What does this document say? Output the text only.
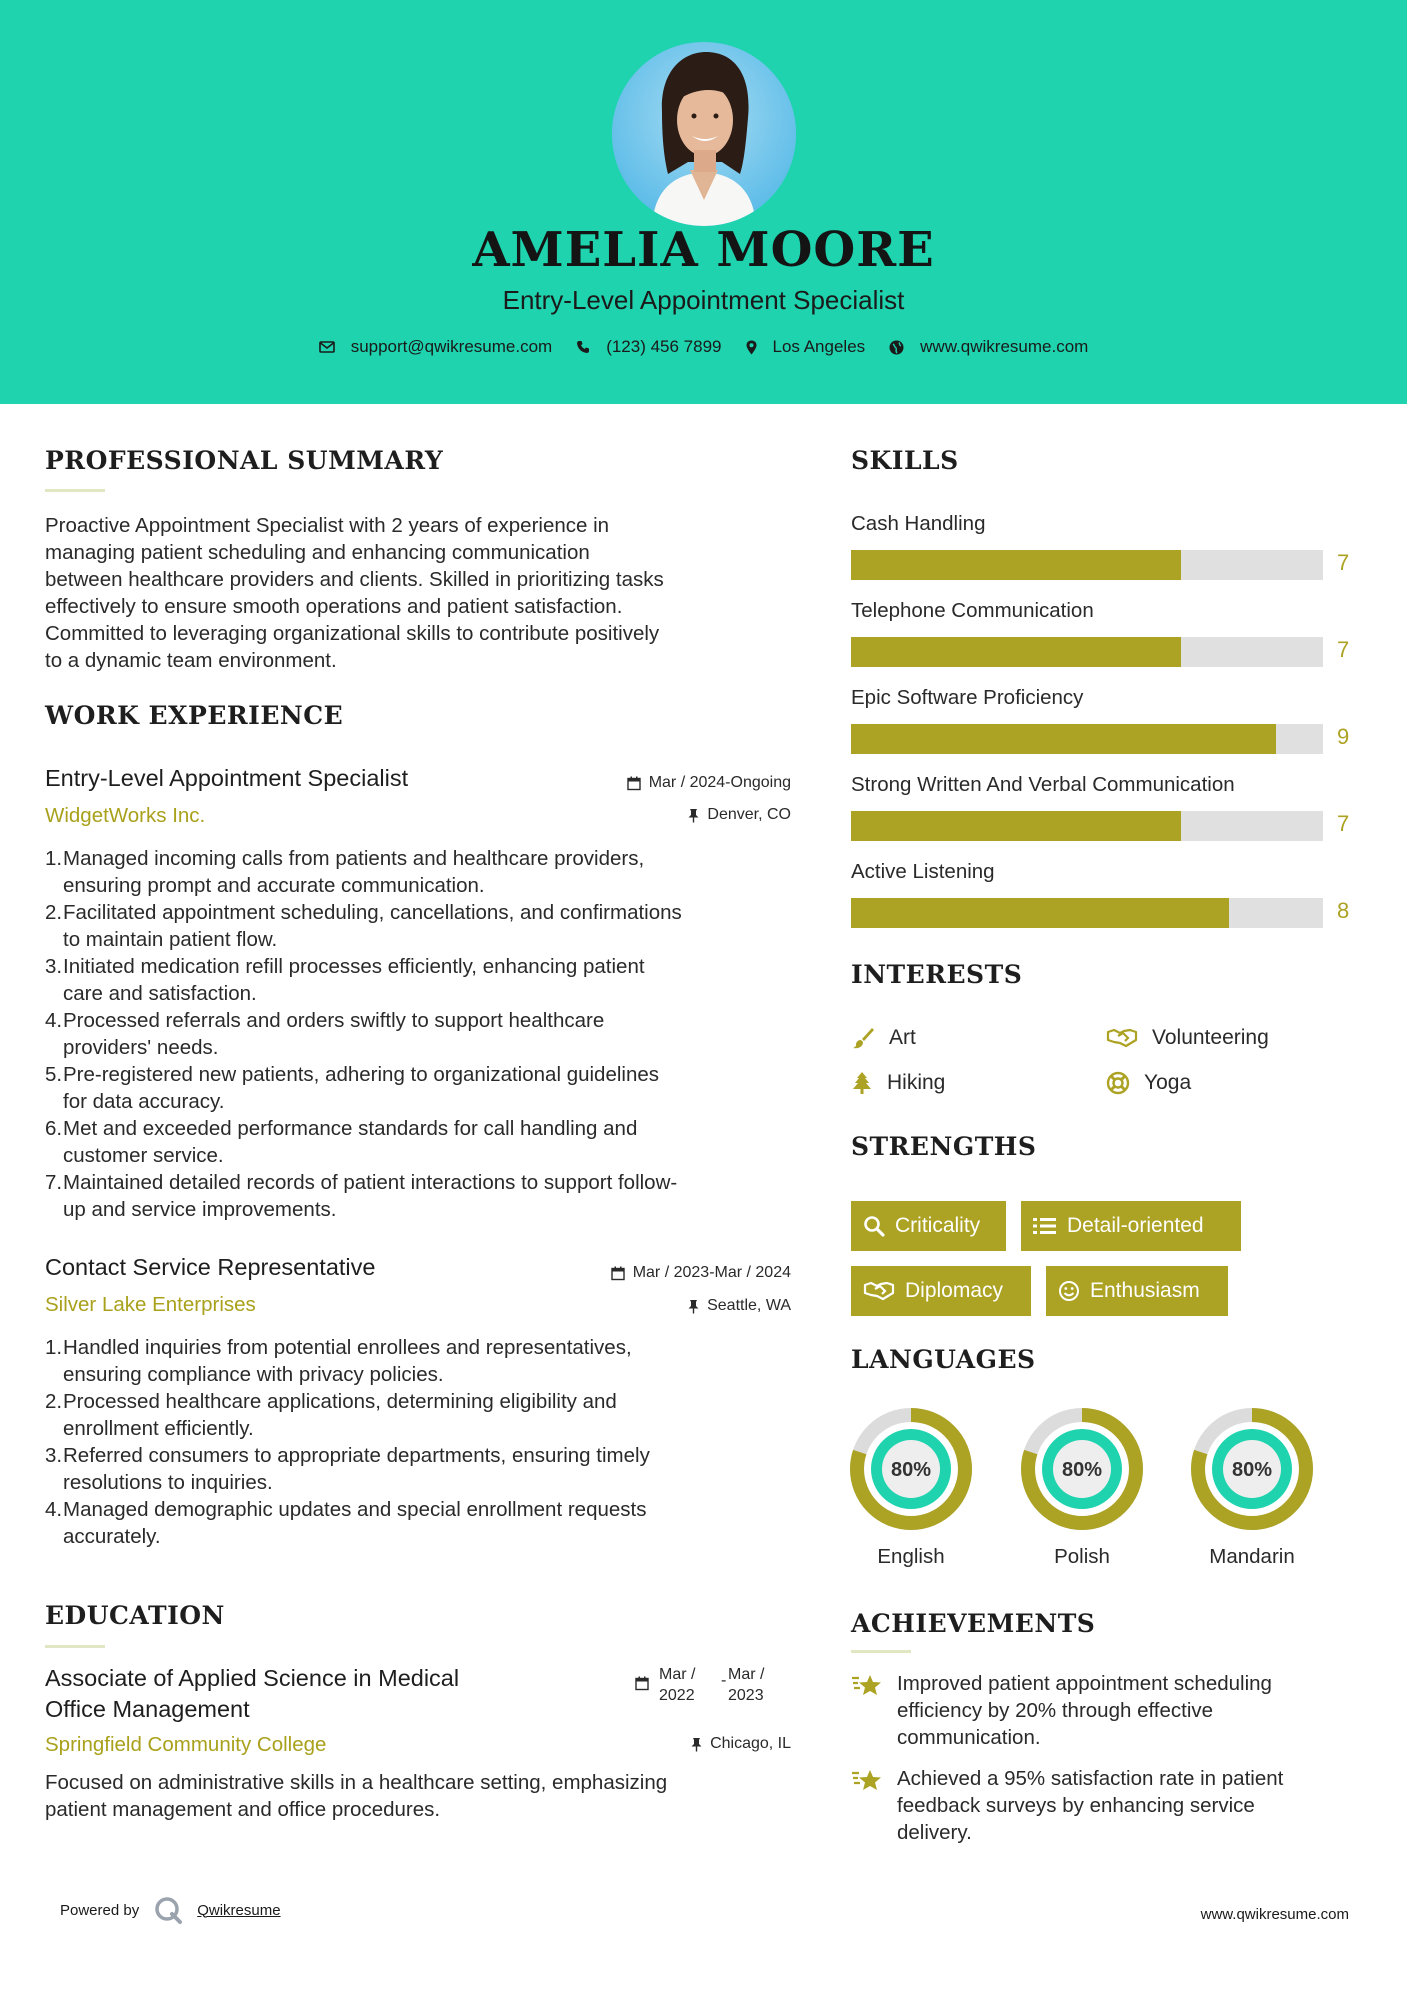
AMELIA MOORE
Entry-Level Appointment Specialist
support@qwikresume.com	(123) 456 7899	Los Angeles	www.qwikresume.com
PROFESSIONAL SUMMARY
Proactive Appointment Specialist with 2 years of experience in
managing patient scheduling and enhancing communication
between healthcare providers and clients. Skilled in prioritizing tasks
effectively to ensure smooth operations and patient satisfaction.
Committed to leveraging organizational skills to contribute positively
to a dynamic team environment.
WORK EXPERIENCE
Entry-Level Appointment Specialist	Mar / 2024-Ongoing
WidgetWorks Inc.	Denver, CO
1. Managed incoming calls from patients and healthcare providers,
ensuring prompt and accurate communication.
2. Facilitated appointment scheduling, cancellations, and confirmations
to maintain patient flow.
3. Initiated medication refill processes efficiently, enhancing patient
care and satisfaction.
4. Processed referrals and orders swiftly to support healthcare
providers' needs.
5. Pre-registered new patients, adhering to organizational guidelines
for data accuracy.
6. Met and exceeded performance standards for call handling and
customer service.
7. Maintained detailed records of patient interactions to support follow-
up and service improvements.
Contact Service Representative	Mar / 2023-Mar / 2024
Silver Lake Enterprises	Seattle, WA
1. Handled inquiries from potential enrollees and representatives,
ensuring compliance with privacy policies.
2. Processed healthcare applications, determining eligibility and
enrollment efficiently.
3. Referred consumers to appropriate departments, ensuring timely
resolutions to inquiries.
4. Managed demographic updates and special enrollment requests
accurately.
EDUCATION
Associate of Applied Science in Medical
Office Management
Mar /
2022
- Mar /
2023
Springfield Community College	Chicago, IL
Focused on administrative skills in a healthcare setting, emphasizing
patient management and office procedures.
SKILLS
Cash Handling
7
Telephone Communication
7
Epic Software Proficiency
9
Strong Written And Verbal Communication
7
Active Listening
8
INTERESTS
Art	Volunteering
Hiking	Yoga
STRENGTHS
Criticality	Detail-oriented
Diplomacy	Enthusiasm
LANGUAGES
80%
English
80%
Polish
80%
Mandarin
ACHIEVEMENTS
Improved patient appointment scheduling
efficiency by 20% through effective
communication.
Achieved a 95% satisfaction rate in patient
feedback surveys by enhancing service
delivery.
Powered by	Qwikresume	www.qwikresume.com
